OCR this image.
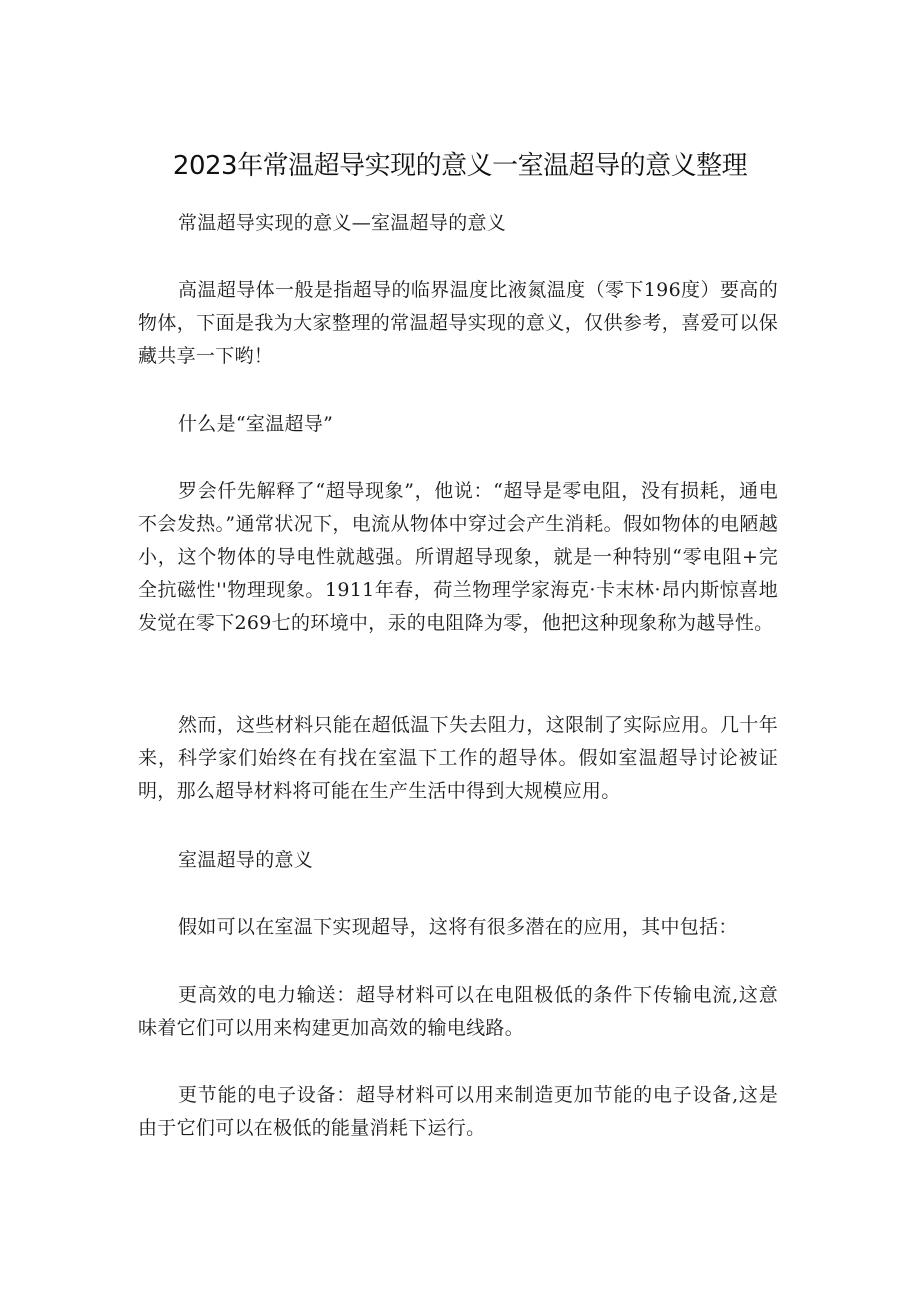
2023年常温超导实现的意义一室温超导的意义整理

常温超导实现的意义—室温超导的意义

高温超导体一般是指超导的临界温度比液氮温度（零下196度）要高的物体，下面是我为大家整理的常温超导实现的意义，仅供参考，喜爱可以保藏共享一下哟！

什么是“室温超导”

罗会仟先解释了“超导现象”，他说：“超导是零电阻，没有损耗，通电不会发热。”通常状况下，电流从物体中穿过会产生消耗。假如物体的电陋越小，这个物体的导电性就越强。所谓超导现象，就是一种特别“零电阻+完全抗磁性''物理现象。1911年春，荷兰物理学家海克·卡末林·昂内斯惊喜地发觉在零下269七的环境中，汞的电阻降为零，他把这种现象称为越导性。

然而，这些材料只能在超低温下失去阻力，这限制了实际应用。几十年来，科学家们始终在有找在室温下工作的超导体。假如室温超导讨论被证明，那么超导材料将可能在生产生活中得到大规模应用。

室温超导的意义

假如可以在室温下实现超导，这将有很多潜在的应用，其中包括：

更高效的电力输送：超导材料可以在电阻极低的条件下传输电流,这意味着它们可以用来构建更加高效的输电线路。

更节能的电子设备：超导材料可以用来制造更加节能的电子设备,这是由于它们可以在极低的能量消耗下运行。
